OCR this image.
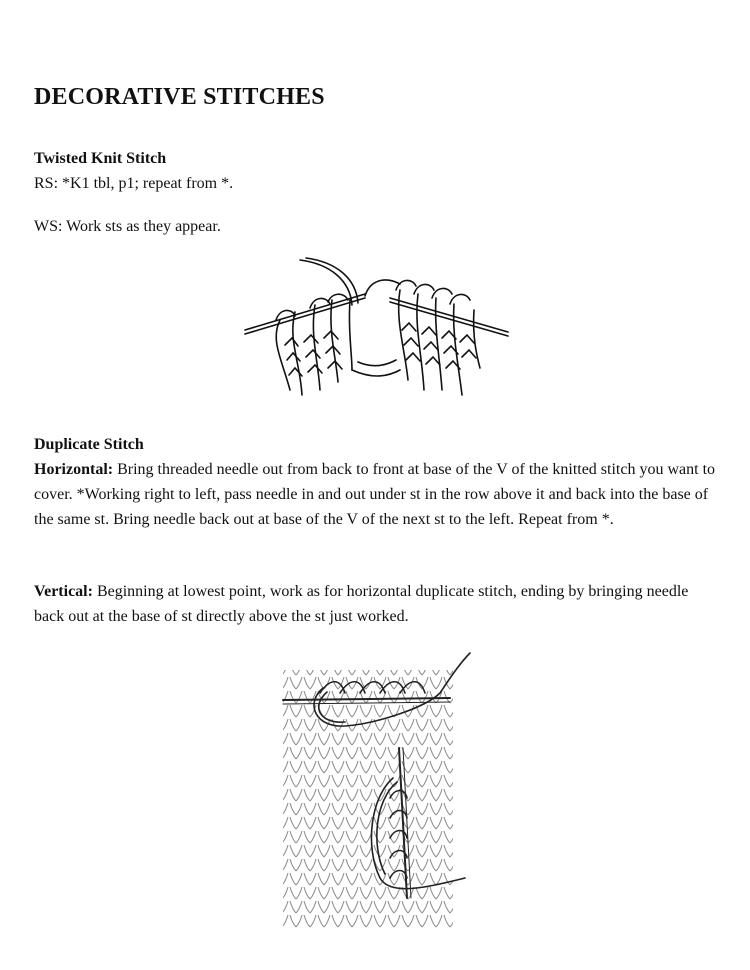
DECORATIVE STITCHES
Twisted Knit Stitch

RS: *K1 tbl, p1; repeat from *.

WS: Work sts as they appear.

Duplicate Stitch

Horizontal: Bring threaded needle out from back to front at base of the V of the knitted stitch you want to cover. *Working right to left, pass needle in and out under st in the row above it and back into the base of the same st. Bring needle back out at base of the V of the next st to the left. Repeat from *.

Vertical: Beginning at lowest point, work as for horizontal duplicate stitch, ending by bringing needle back out at the base of st directly above the st just worked.
